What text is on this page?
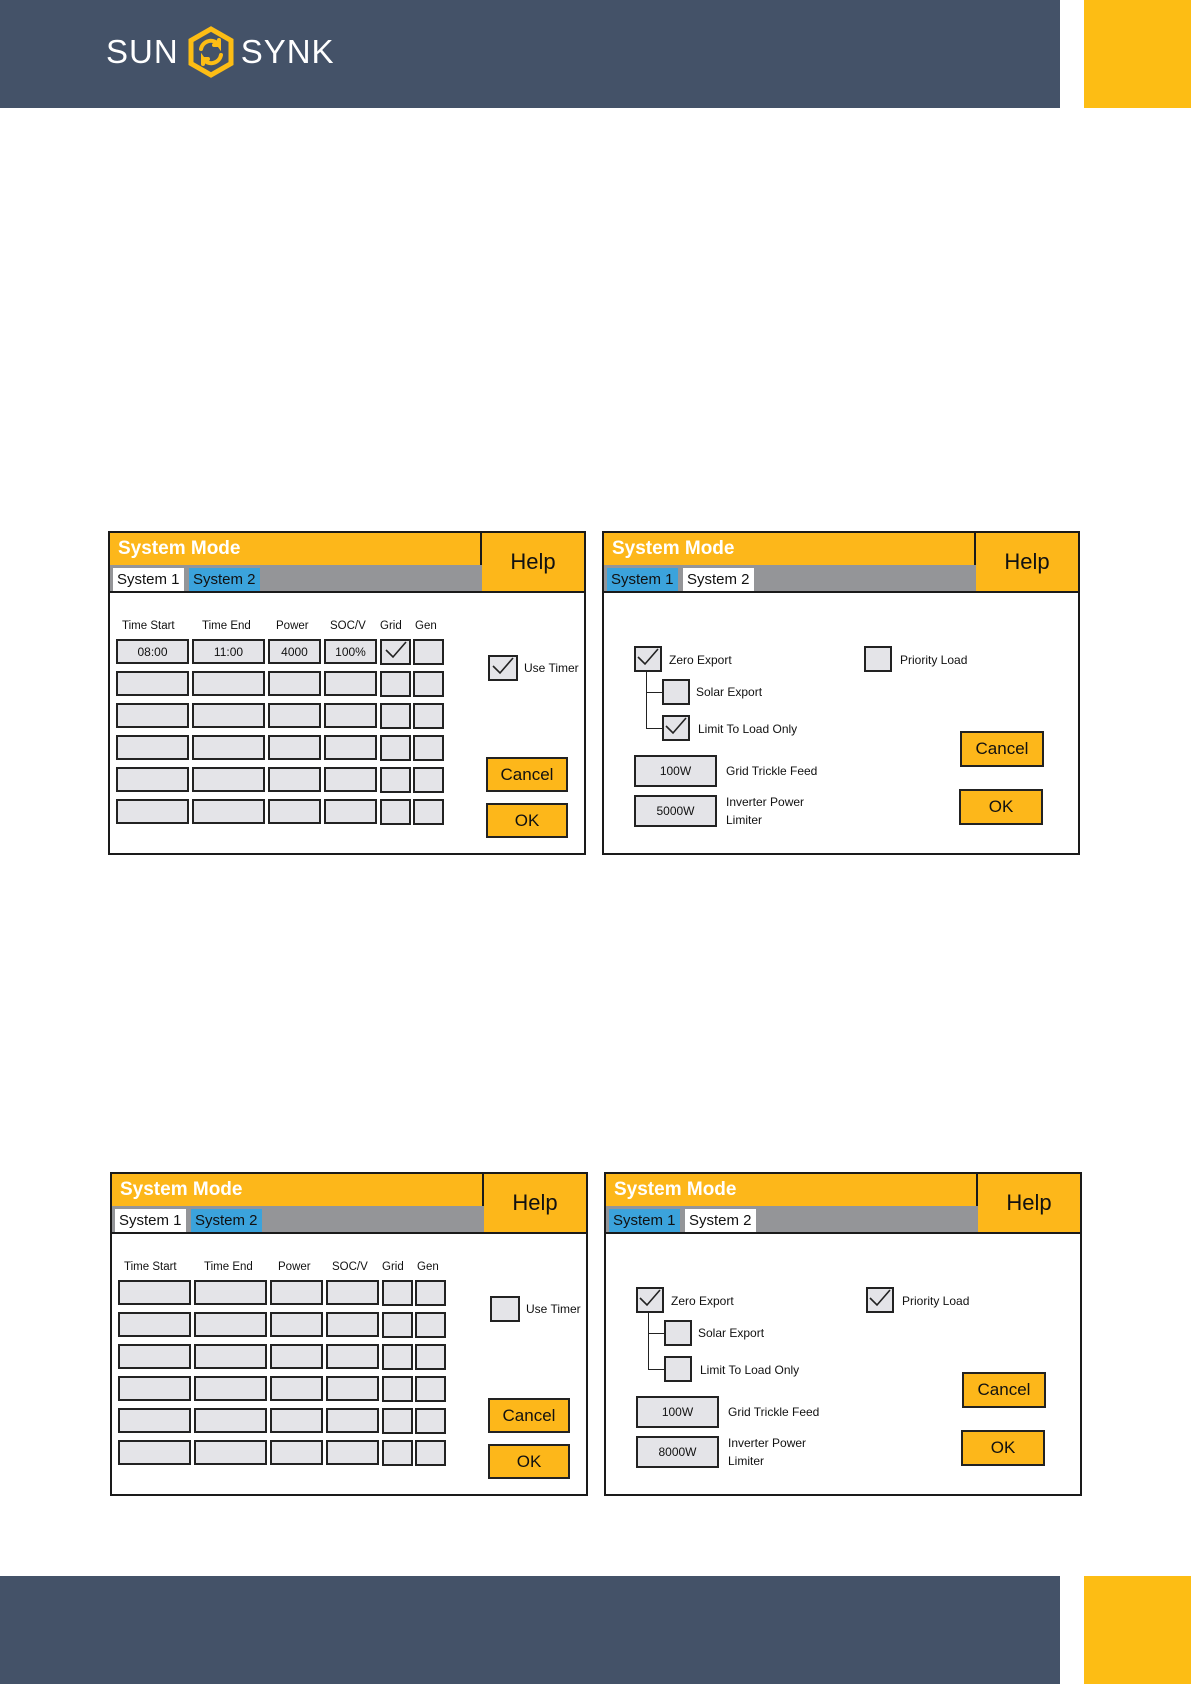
SUN SYNK
System Mode
Help
System 1 System 2
Time Start Time End Power SOC/V Grid Gen
08:00	11:00	4000	100%
Use Timer
Cancel
OK
System Mode
Help
System 1 System 2
Zero Export
Solar Export
Limit To Load Only
Priority Load
100W	Grid Trickle Feed
5000W
Inverter Power
Limiter
Cancel
OK
System Mode
Help
System 1 System 2
Time Start Time End Power SOC/V Grid Gen
Use Timer
Cancel
OK
System Mode
Help
System 1 System 2
Zero Export
Solar Export
Limit To Load Only
Priority Load
100W	Grid Trickle Feed
8000W
Inverter Power
Limiter
Cancel
OK
